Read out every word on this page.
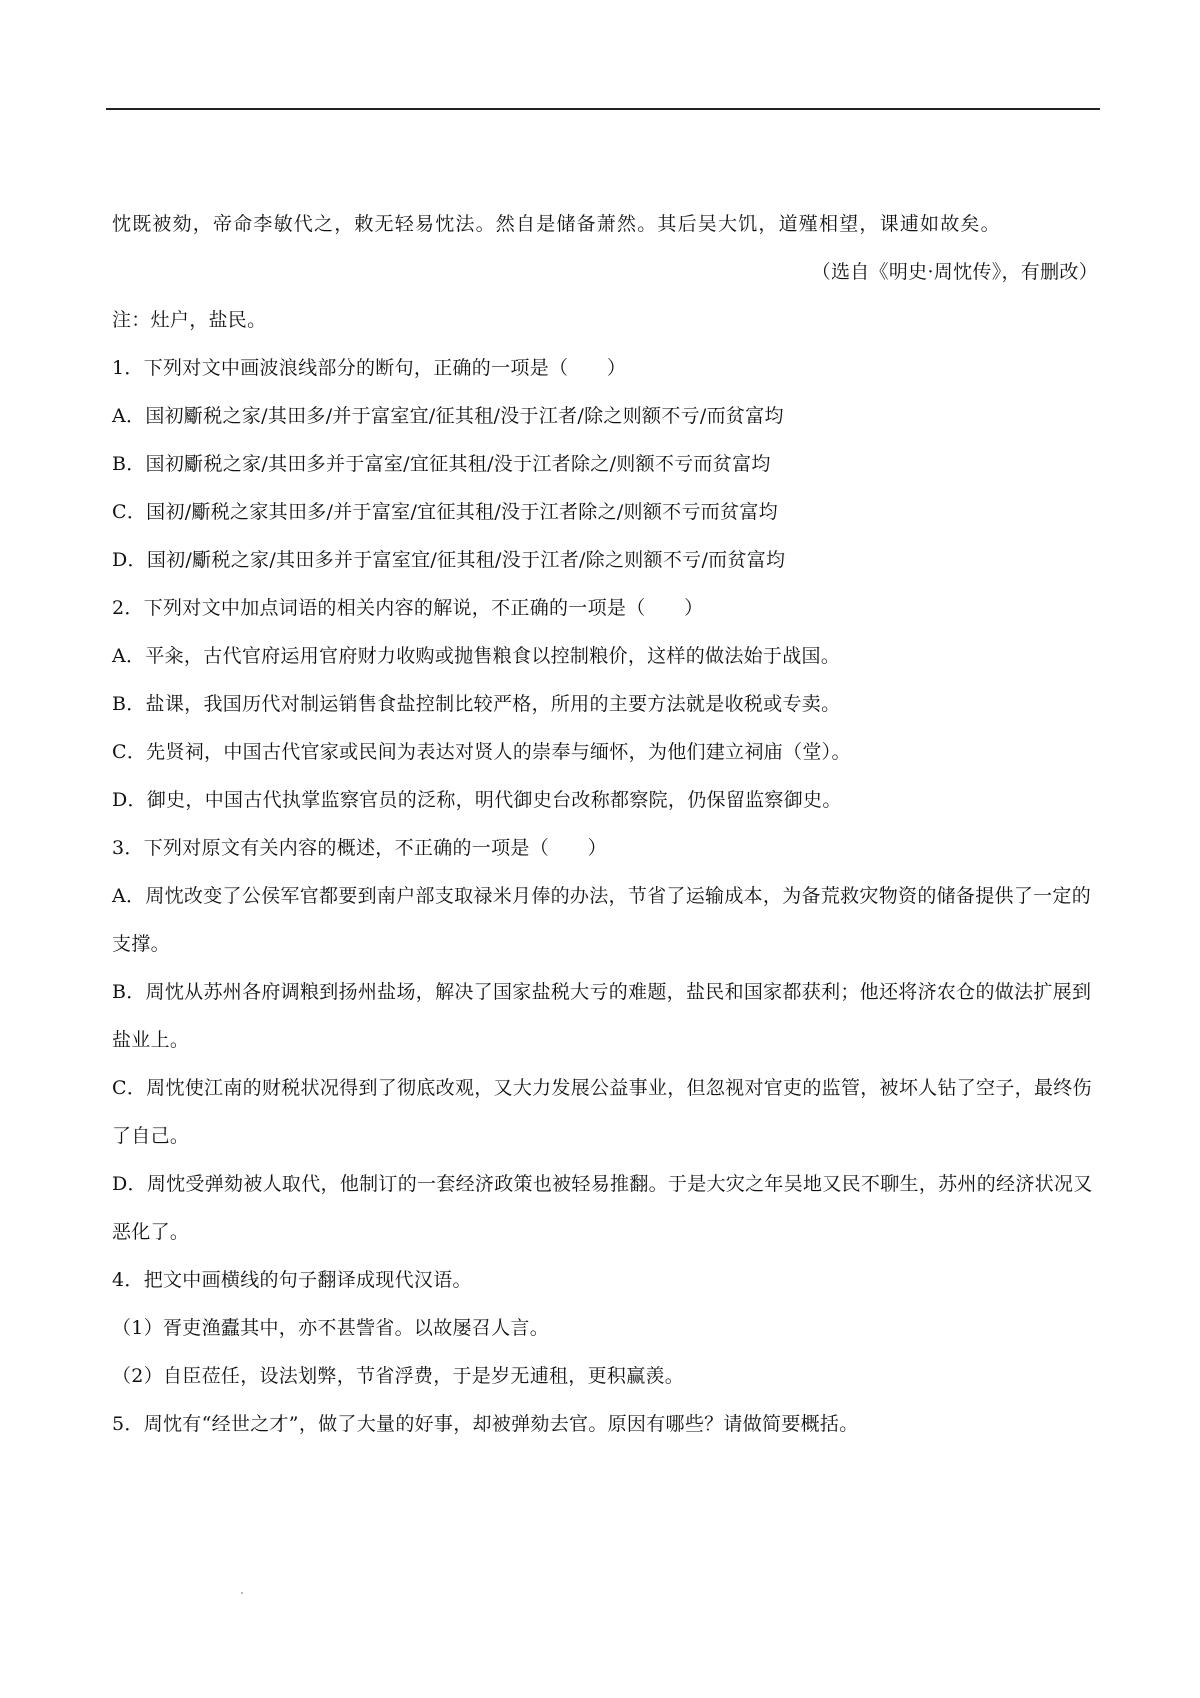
忱既被劾，帝命李敏代之，敕无轻易忱法。然自是储备萧然。其后吴大饥，道殣相望，课逋如故矣。

（选自《明史·周忱传》，有删改）

注：灶户，盐民。

1．下列对文中画波浪线部分的断句，正确的一项是（　　）

A．国初斸税之家/其田多/并于富室宜/征其租/没于江者/除之则额不亏/而贫富均

B．国初斸税之家/其田多并于富室/宜征其租/没于江者除之/则额不亏而贫富均

C．国初/斸税之家其田多/并于富室/宜征其租/没于江者除之/则额不亏而贫富均

D．国初/斸税之家/其田多并于富室宜/征其租/没于江者/除之则额不亏/而贫富均

2．下列对文中加点词语的相关内容的解说，不正确的一项是（　　）

A．平籴，古代官府运用官府财力收购或抛售粮食以控制粮价，这样的做法始于战国。

B．盐课，我国历代对制运销售食盐控制比较严格，所用的主要方法就是收税或专卖。

C．先贤祠，中国古代官家或民间为表达对贤人的崇奉与缅怀，为他们建立祠庙（堂）。

D．御史，中国古代执掌监察官员的泛称，明代御史台改称都察院，仍保留监察御史。

3．下列对原文有关内容的概述，不正确的一项是（　　）

A．周忱改变了公侯军官都要到南户部支取禄米月俸的办法，节省了运输成本，为备荒救灾物资的储备提供了一定的支撑。

B．周忱从苏州各府调粮到扬州盐场，解决了国家盐税大亏的难题，盐民和国家都获利；他还将济农仓的做法扩展到盐业上。

C．周忱使江南的财税状况得到了彻底改观，又大力发展公益事业，但忽视对官吏的监管，被坏人钻了空子，最终伤了自己。

D．周忱受弹劾被人取代，他制订的一套经济政策也被轻易推翻。于是大灾之年吴地又民不聊生，苏州的经济状况又恶化了。

4．把文中画横线的句子翻译成现代汉语。

（1）胥吏渔蠹其中，亦不甚訾省。以故屡召人言。

（2）自臣莅任，设法划弊，节省浮费，于是岁无逋租，更积赢羡。

5．周忱有“经世之才”，做了大量的好事，却被弹劾去官。原因有哪些？请做简要概括。
